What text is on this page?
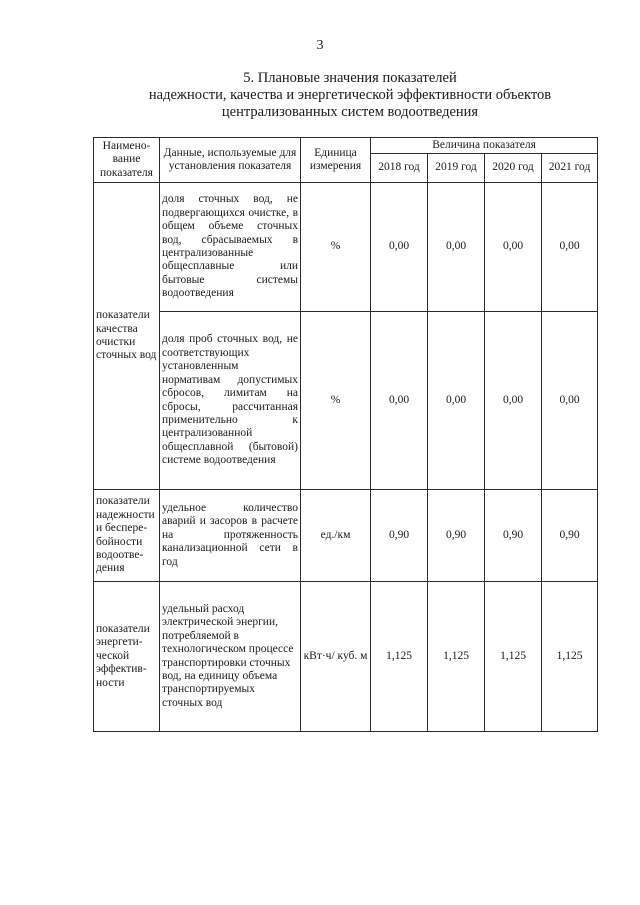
3
5. Плановые значения показателей
надежности, качества и энергетической эффективности объектов
централизованных систем водоотведения
Наимено-вание показателя	Данные, используемые для установления показателя	Единица измерения	Величина показателя			
			2018 год	2019 год	2020 год	2021 год
показатели качества очистки сточных вод	доля сточных вод, не подвергающихся очистке, в общем объеме сточных вод, сбрасываемых в централизованные общесплавные или бытовые системы водоотведения	%	0,00	0,00	0,00	0,00
	доля проб сточных вод, не соответствующих установленным нормативам допустимых сбросов, лимитам на сбросы, рассчитанная применительно к централизованной общесплавной (бытовой) системе водоотведения	%	0,00	0,00	0,00	0,00
показатели надежности и беспере-бойности водоотве-дения	удельное количество аварий и засоров в расчете на протяженность канализационной сети в год	ед./км	0,90	0,90	0,90	0,90
показатели энергети-ческой эффектив-ности	удельный расход электрической энергии, потребляемой в технологическом процессе транспортировки сточных вод, на единицу объема транспортируемых сточных вод	кВт·ч/ куб. м	1,125	1,125	1,125	1,125
